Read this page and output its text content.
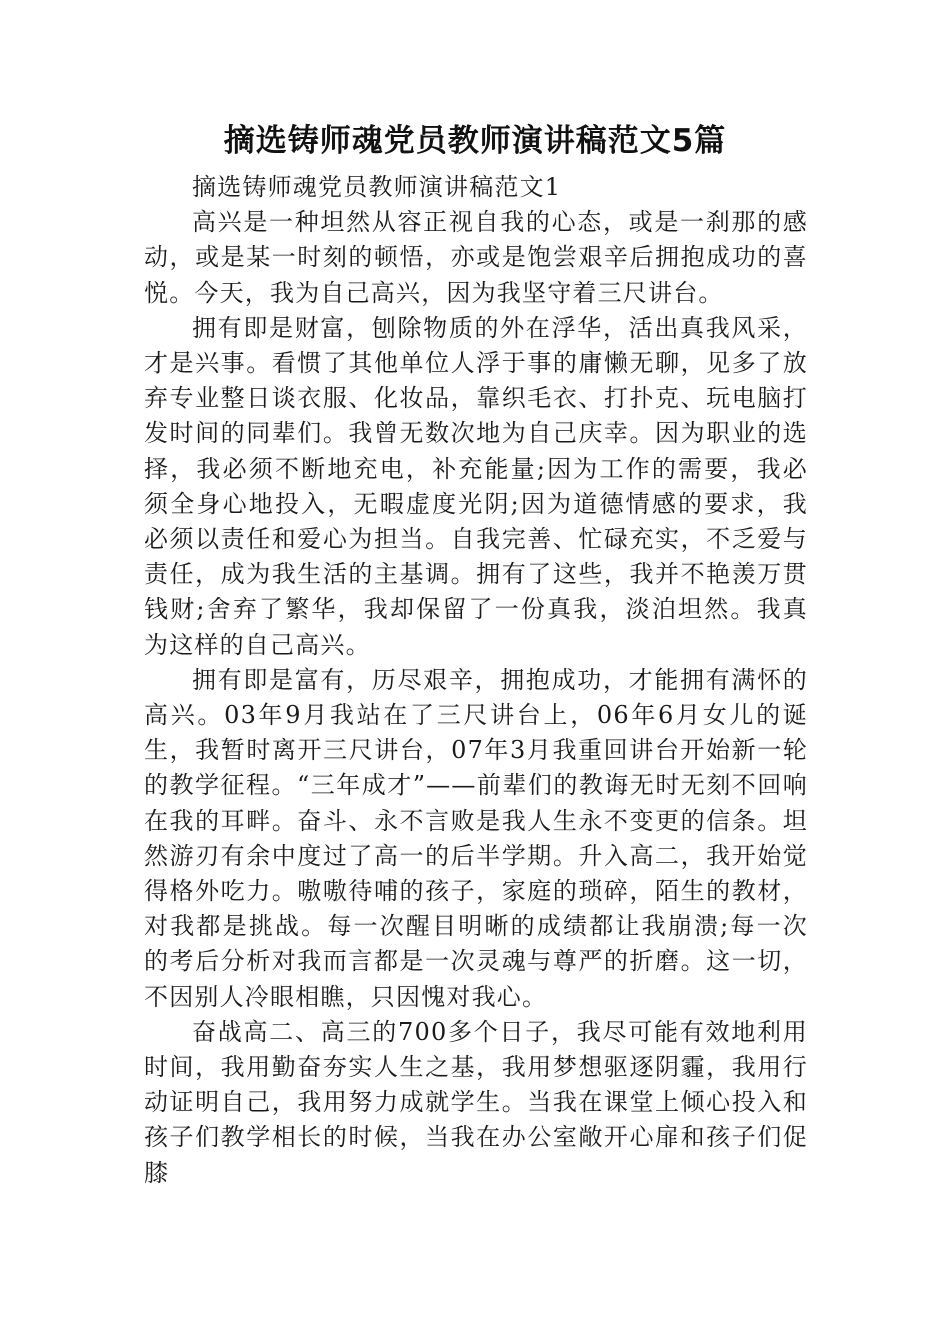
摘选铸师魂党员教师演讲稿范文5篇

摘选铸师魂党员教师演讲稿范文1

高兴是一种坦然从容正视自我的心态，或是一刹那的感动，或是某一时刻的顿悟，亦或是饱尝艰辛后拥抱成功的喜悦。今天，我为自己高兴，因为我坚守着三尺讲台。

拥有即是财富，刨除物质的外在浮华，活出真我风采，才是兴事。看惯了其他单位人浮于事的庸懒无聊，见多了放弃专业整日谈衣服、化妆品，靠织毛衣、打扑克、玩电脑打发时间的同辈们。我曾无数次地为自己庆幸。因为职业的选择，我必须不断地充电，补充能量;因为工作的需要，我必须全身心地投入，无暇虚度光阴;因为道德情感的要求，我必须以责任和爱心为担当。自我完善、忙碌充实，不乏爱与责任，成为我生活的主基调。拥有了这些，我并不艳羡万贯钱财;舍弃了繁华，我却保留了一份真我，淡泊坦然。我真为这样的自己高兴。

拥有即是富有，历尽艰辛，拥抱成功，才能拥有满怀的高兴。03年9月我站在了三尺讲台上，06年6月女儿的诞生，我暂时离开三尺讲台，07年3月我重回讲台开始新一轮的教学征程。“三年成才”——前辈们的教诲无时无刻不回响在我的耳畔。奋斗、永不言败是我人生永不变更的信条。坦然游刃有余中度过了高一的后半学期。升入高二，我开始觉得格外吃力。嗷嗷待哺的孩子，家庭的琐碎，陌生的教材，对我都是挑战。每一次醒目明晰的成绩都让我崩溃;每一次的考后分析对我而言都是一次灵魂与尊严的折磨。这一切，不因别人冷眼相瞧，只因愧对我心。

奋战高二、高三的700多个日子，我尽可能有效地利用时间，我用勤奋夯实人生之基，我用梦想驱逐阴霾，我用行动证明自己，我用努力成就学生。当我在课堂上倾心投入和孩子们教学相长的时候，当我在办公室敞开心扉和孩子们促膝
